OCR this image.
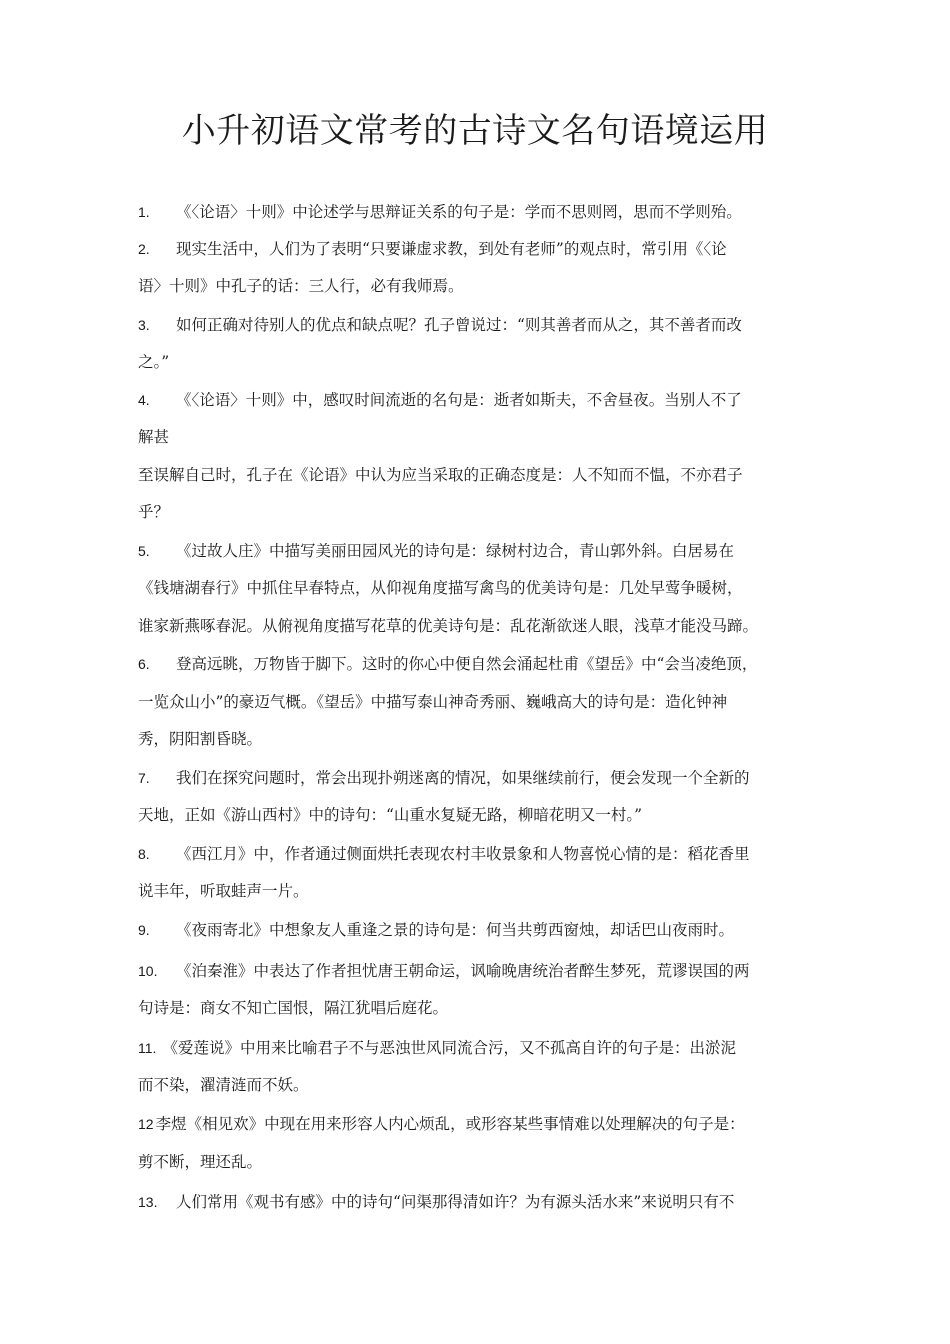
小升初语文常考的古诗文名句语境运用
1. 《〈论语〉十则》中论述学与思辩证关系的句子是：学而不思则罔，思而不学则殆。
2. 现实生活中，人们为了表明“只要谦虚求教，到处有老师”的观点时，常引用《〈论
语〉十则》中孔子的话：三人行，必有我师焉。
3. 如何正确对待别人的优点和缺点呢？孔子曾说过：“则其善者而从之，其不善者而改
之。”
4. 《〈论语〉十则》中，感叹时间流逝的名句是：逝者如斯夫，不舍昼夜。当别人不了
解甚
至误解自己时，孔子在《论语》中认为应当采取的正确态度是：人不知而不愠，不亦君子
乎？
5. 《过故人庄》中描写美丽田园风光的诗句是：绿树村边合，青山郭外斜。白居易在
《钱塘湖春行》中抓住早春特点，从仰视角度描写禽鸟的优美诗句是：几处早莺争暖树，
谁家新燕啄春泥。从俯视角度描写花草的优美诗句是：乱花渐欲迷人眼，浅草才能没马蹄。
6. 登高远眺，万物皆于脚下。这时的你心中便自然会涌起杜甫《望岳》中“会当凌绝顶，
一览众山小”的豪迈气概。《望岳》中描写泰山神奇秀丽、巍峨高大的诗句是：造化钟神
秀，阴阳割昏晓。
7. 我们在探究问题时，常会出现扑朔迷离的情况，如果继续前行，便会发现一个全新的
天地，正如《游山西村》中的诗句：“山重水复疑无路，柳暗花明又一村。”
8. 《西江月》中，作者通过侧面烘托表现农村丰收景象和人物喜悦心情的是：稻花香里
说丰年，听取蛙声一片。
9. 《夜雨寄北》中想象友人重逢之景的诗句是：何当共剪西窗烛，却话巴山夜雨时。
10. 《泊秦淮》中表达了作者担忧唐王朝命运，讽喻晚唐统治者醉生梦死，荒谬误国的两
句诗是：商女不知亡国恨，隔江犹唱后庭花。
11. 《爱莲说》中用来比喻君子不与恶浊世风同流合污，又不孤高自许的句子是：出淤泥
而不染，濯清涟而不妖。
12 李煜《相见欢》中现在用来形容人内心烦乱，或形容某些事情难以处理解决的句子是：
剪不断，理还乱。
13. 人们常用《观书有感》中的诗句“问渠那得清如许？为有源头活水来”来说明只有不
